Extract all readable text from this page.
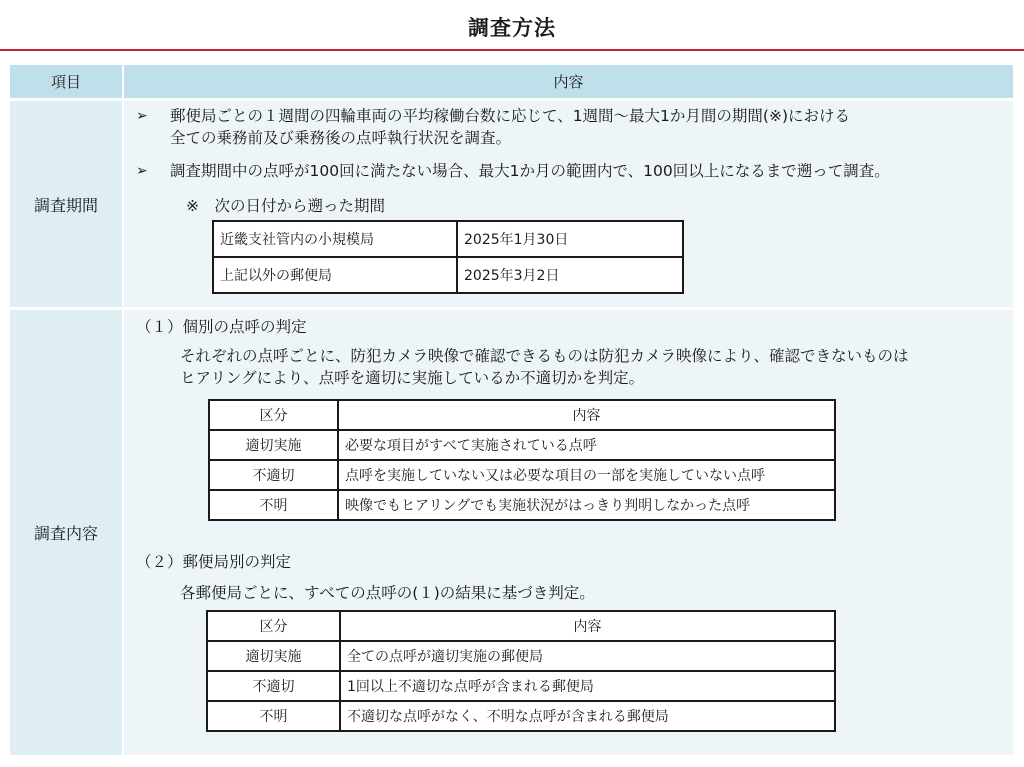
調査方法
項目	内容
調査期間
➢ 郵便局ごとの１週間の四輪車両の平均稼働台数に応じて、1週間～最大1か月間の期間(※)における
全ての乗務前及び乗務後の点呼執行状況を調査。
➢ 調査期間中の点呼が100回に満たない場合、最大1か月の範囲内で、100回以上になるまで遡って調査。
※　次の日付から遡った期間
近畿支社管内の小規模局	2025年1月30日
上記以外の郵便局	2025年3月2日
調査内容
（１）個別の点呼の判定
それぞれの点呼ごとに、防犯カメラ映像で確認できるものは防犯カメラ映像により、確認できないものは
ヒアリングにより、点呼を適切に実施しているか不適切かを判定。
区分	内容
適切実施	必要な項目がすべて実施されている点呼
不適切	点呼を実施していない又は必要な項目の一部を実施していない点呼
不明	映像でもヒアリングでも実施状況がはっきり判明しなかった点呼
（２）郵便局別の判定
各郵便局ごとに、すべての点呼の(１)の結果に基づき判定。
区分	内容
適切実施	全ての点呼が適切実施の郵便局
不適切	1回以上不適切な点呼が含まれる郵便局
不明	不適切な点呼がなく、不明な点呼が含まれる郵便局
